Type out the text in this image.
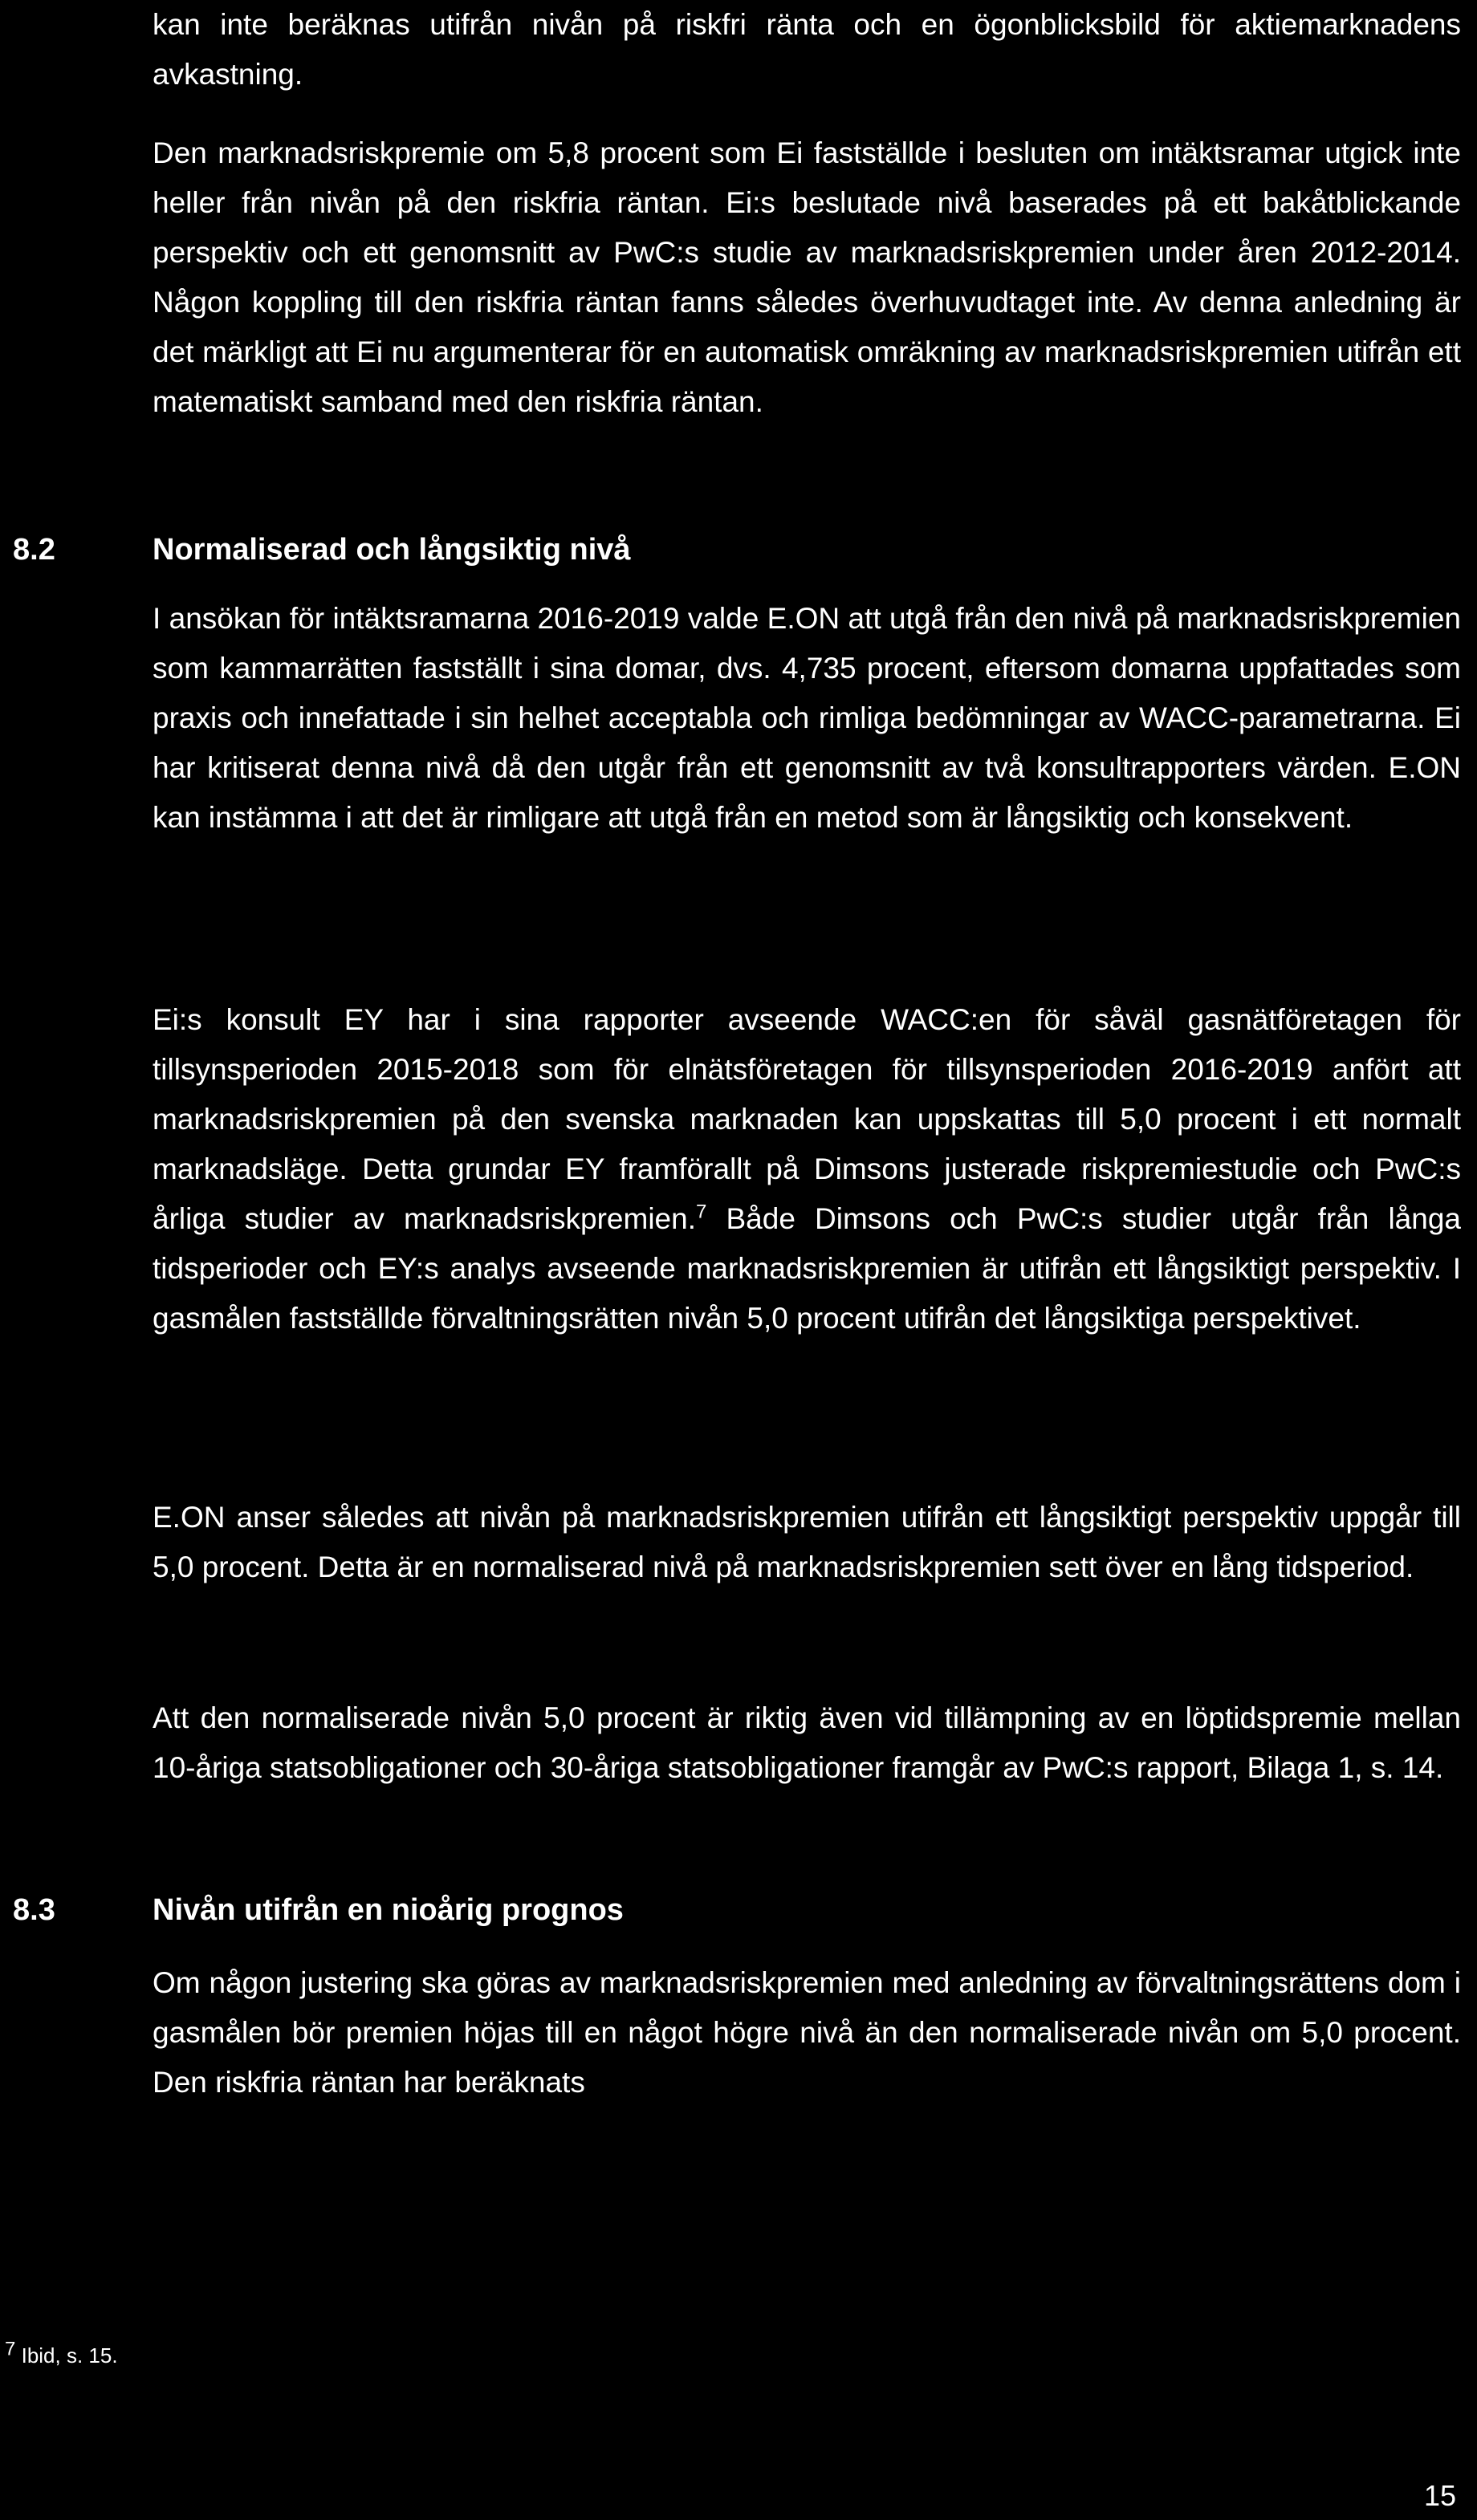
kan inte beräknas utifrån nivån på riskfri ränta och en ögonblicksbild för aktiemarknadens avkastning.

Den marknadsriskpremie om 5,8 procent som Ei fastställde i besluten om intäktsramar utgick inte heller från nivån på den riskfria räntan. Ei:s beslutade nivå baserades på ett bakåtblickande perspektiv och ett genomsnitt av PwC:s studie av marknadsriskpremien under åren 2012-2014. Någon koppling till den riskfria räntan fanns således överhuvudtaget inte. Av denna anledning är det märkligt att Ei nu argumenterar för en automatisk omräkning av marknadsriskpremien utifrån ett matematiskt samband med den riskfria räntan.

8.2	Normaliserad och långsiktig nivå

I ansökan för intäktsramarna 2016-2019 valde E.ON att utgå från den nivå på marknadsriskpremien som kammarrätten fastställt i sina domar, dvs. 4,735 procent, eftersom domarna uppfattades som praxis och innefattade i sin helhet acceptabla och rimliga bedömningar av WACC-parametrarna. Ei har kritiserat denna nivå då den utgår från ett genomsnitt av två konsultrapporters värden. E.ON kan instämma i att det är rimligare att utgå från en metod som är långsiktig och konsekvent.

Ei:s konsult EY har i sina rapporter avseende WACC:en för såväl gasnätföretagen för tillsynsperioden 2015-2018 som för elnätsföretagen för tillsynsperioden 2016-2019 anfört att marknadsriskpremien på den svenska marknaden kan uppskattas till 5,0 procent i ett normalt marknadsläge. Detta grundar EY framförallt på Dimsons justerade riskpremiestudie och PwC:s årliga studier av marknadsriskpremien.$^7$ Både Dimsons och PwC:s studier utgår från långa tidsperioder och EY:s analys avseende marknadsriskpremien är utifrån ett långsiktigt perspektiv. I gasmålen fastställde förvaltningsrätten nivån 5,0 procent utifrån det långsiktiga perspektivet.

E.ON anser således att nivån på marknadsriskpremien utifrån ett långsiktigt perspektiv uppgår till 5,0 procent. Detta är en normaliserad nivå på marknadsriskpremien sett över en lång tidsperiod.

Att den normaliserade nivån 5,0 procent är riktig även vid tillämpning av en löptidspremie mellan 10-åriga statsobligationer och 30-åriga statsobligationer framgår av PwC:s rapport, Bilaga 1, s. 14.

8.3	Nivån utifrån en nioårig prognos

Om någon justering ska göras av marknadsriskpremien med anledning av förvaltningsrättens dom i gasmålen bör premien höjas till en något högre nivå än den normaliserade nivån om 5,0 procent. Den riskfria räntan har beräknats

$^7$ Ibid, s. 15.

15
